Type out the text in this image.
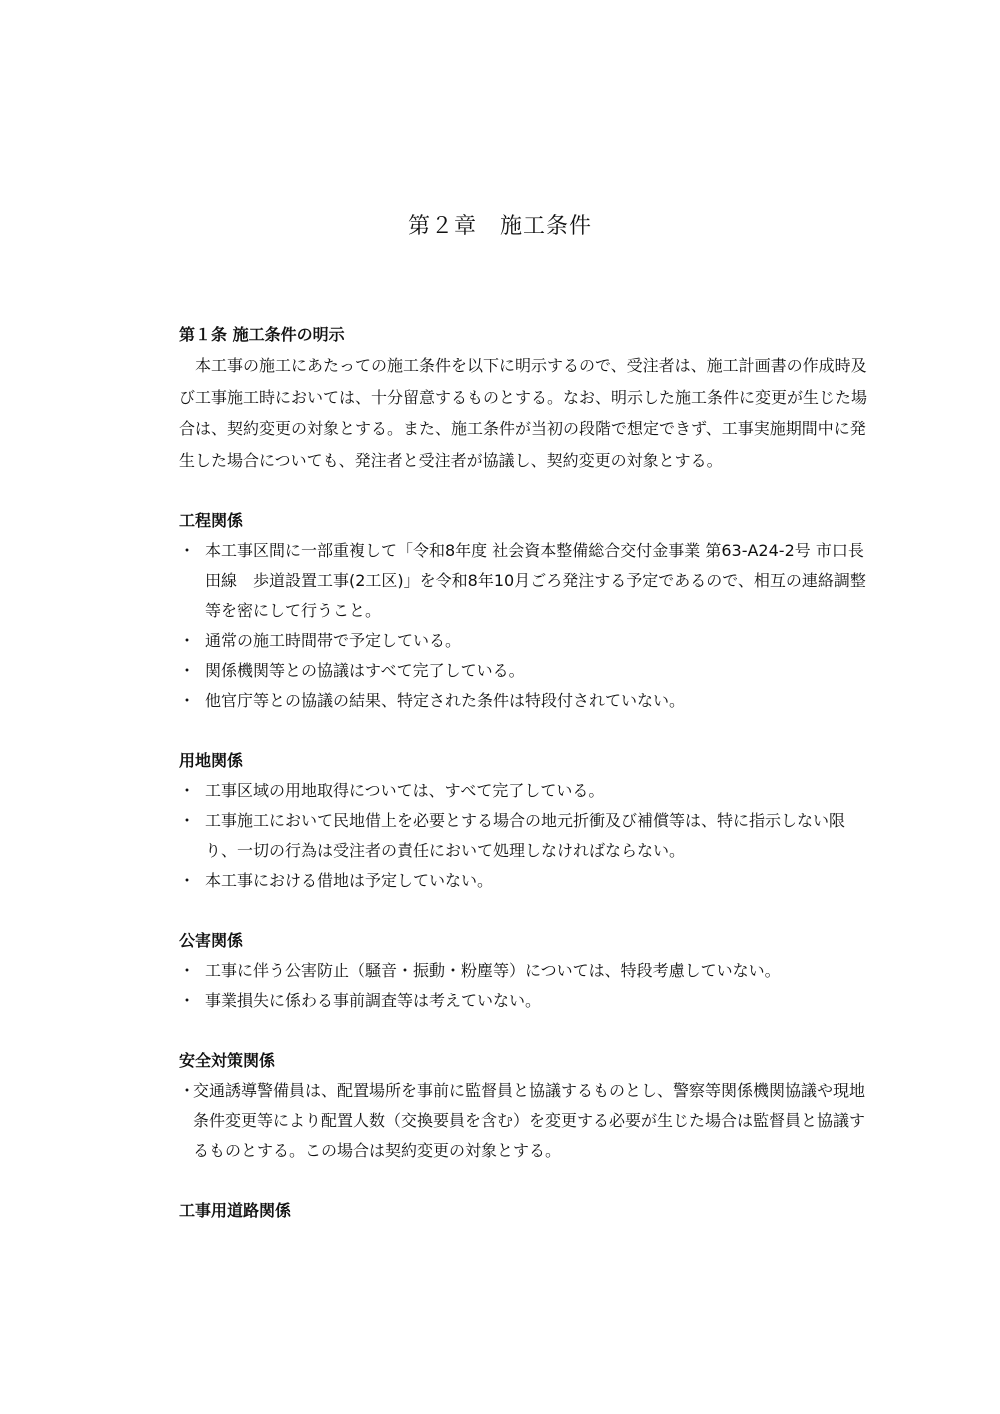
第２章　施工条件

第１条 施工条件の明示

本工事の施工にあたっての施工条件を以下に明示するので、受注者は、施工計画書の作成時及び工事施工時においては、十分留意するものとする。なお、明示した施工条件に変更が生じた場合は、契約変更の対象とする。また、施工条件が当初の段階で想定できず、工事実施期間中に発生した場合についても、発注者と受注者が協議し、契約変更の対象とする。

工程関係

・ 本工事区間に一部重複して「令和8年度 社会資本整備総合交付金事業 第63-A24-2号 市口長田線　歩道設置工事(2工区)」を令和8年10月ごろ発注する予定であるので、相互の連絡調整等を密にして行うこと。
・ 通常の施工時間帯で予定している。
・ 関係機関等との協議はすべて完了している。
・ 他官庁等との協議の結果、特定された条件は特段付されていない。

用地関係

・ 工事区域の用地取得については、すべて完了している。
・ 工事施工において民地借上を必要とする場合の地元折衝及び補償等は、特に指示しない限り、一切の行為は受注者の責任において処理しなければならない。
・ 本工事における借地は予定していない。

公害関係

・ 工事に伴う公害防止（騒音・振動・粉塵等）については、特段考慮していない。
・ 事業損失に係わる事前調査等は考えていない。

安全対策関係

・
交通誘導警備員は、配置場所を事前に監督員と協議するものとし、警察等関係機関協議や現地条件変更等により配置人数（交換要員を含む）を変更する必要が生じた場合は監督員と協議するものとする。この場合は契約変更の対象とする。

工事用道路関係
